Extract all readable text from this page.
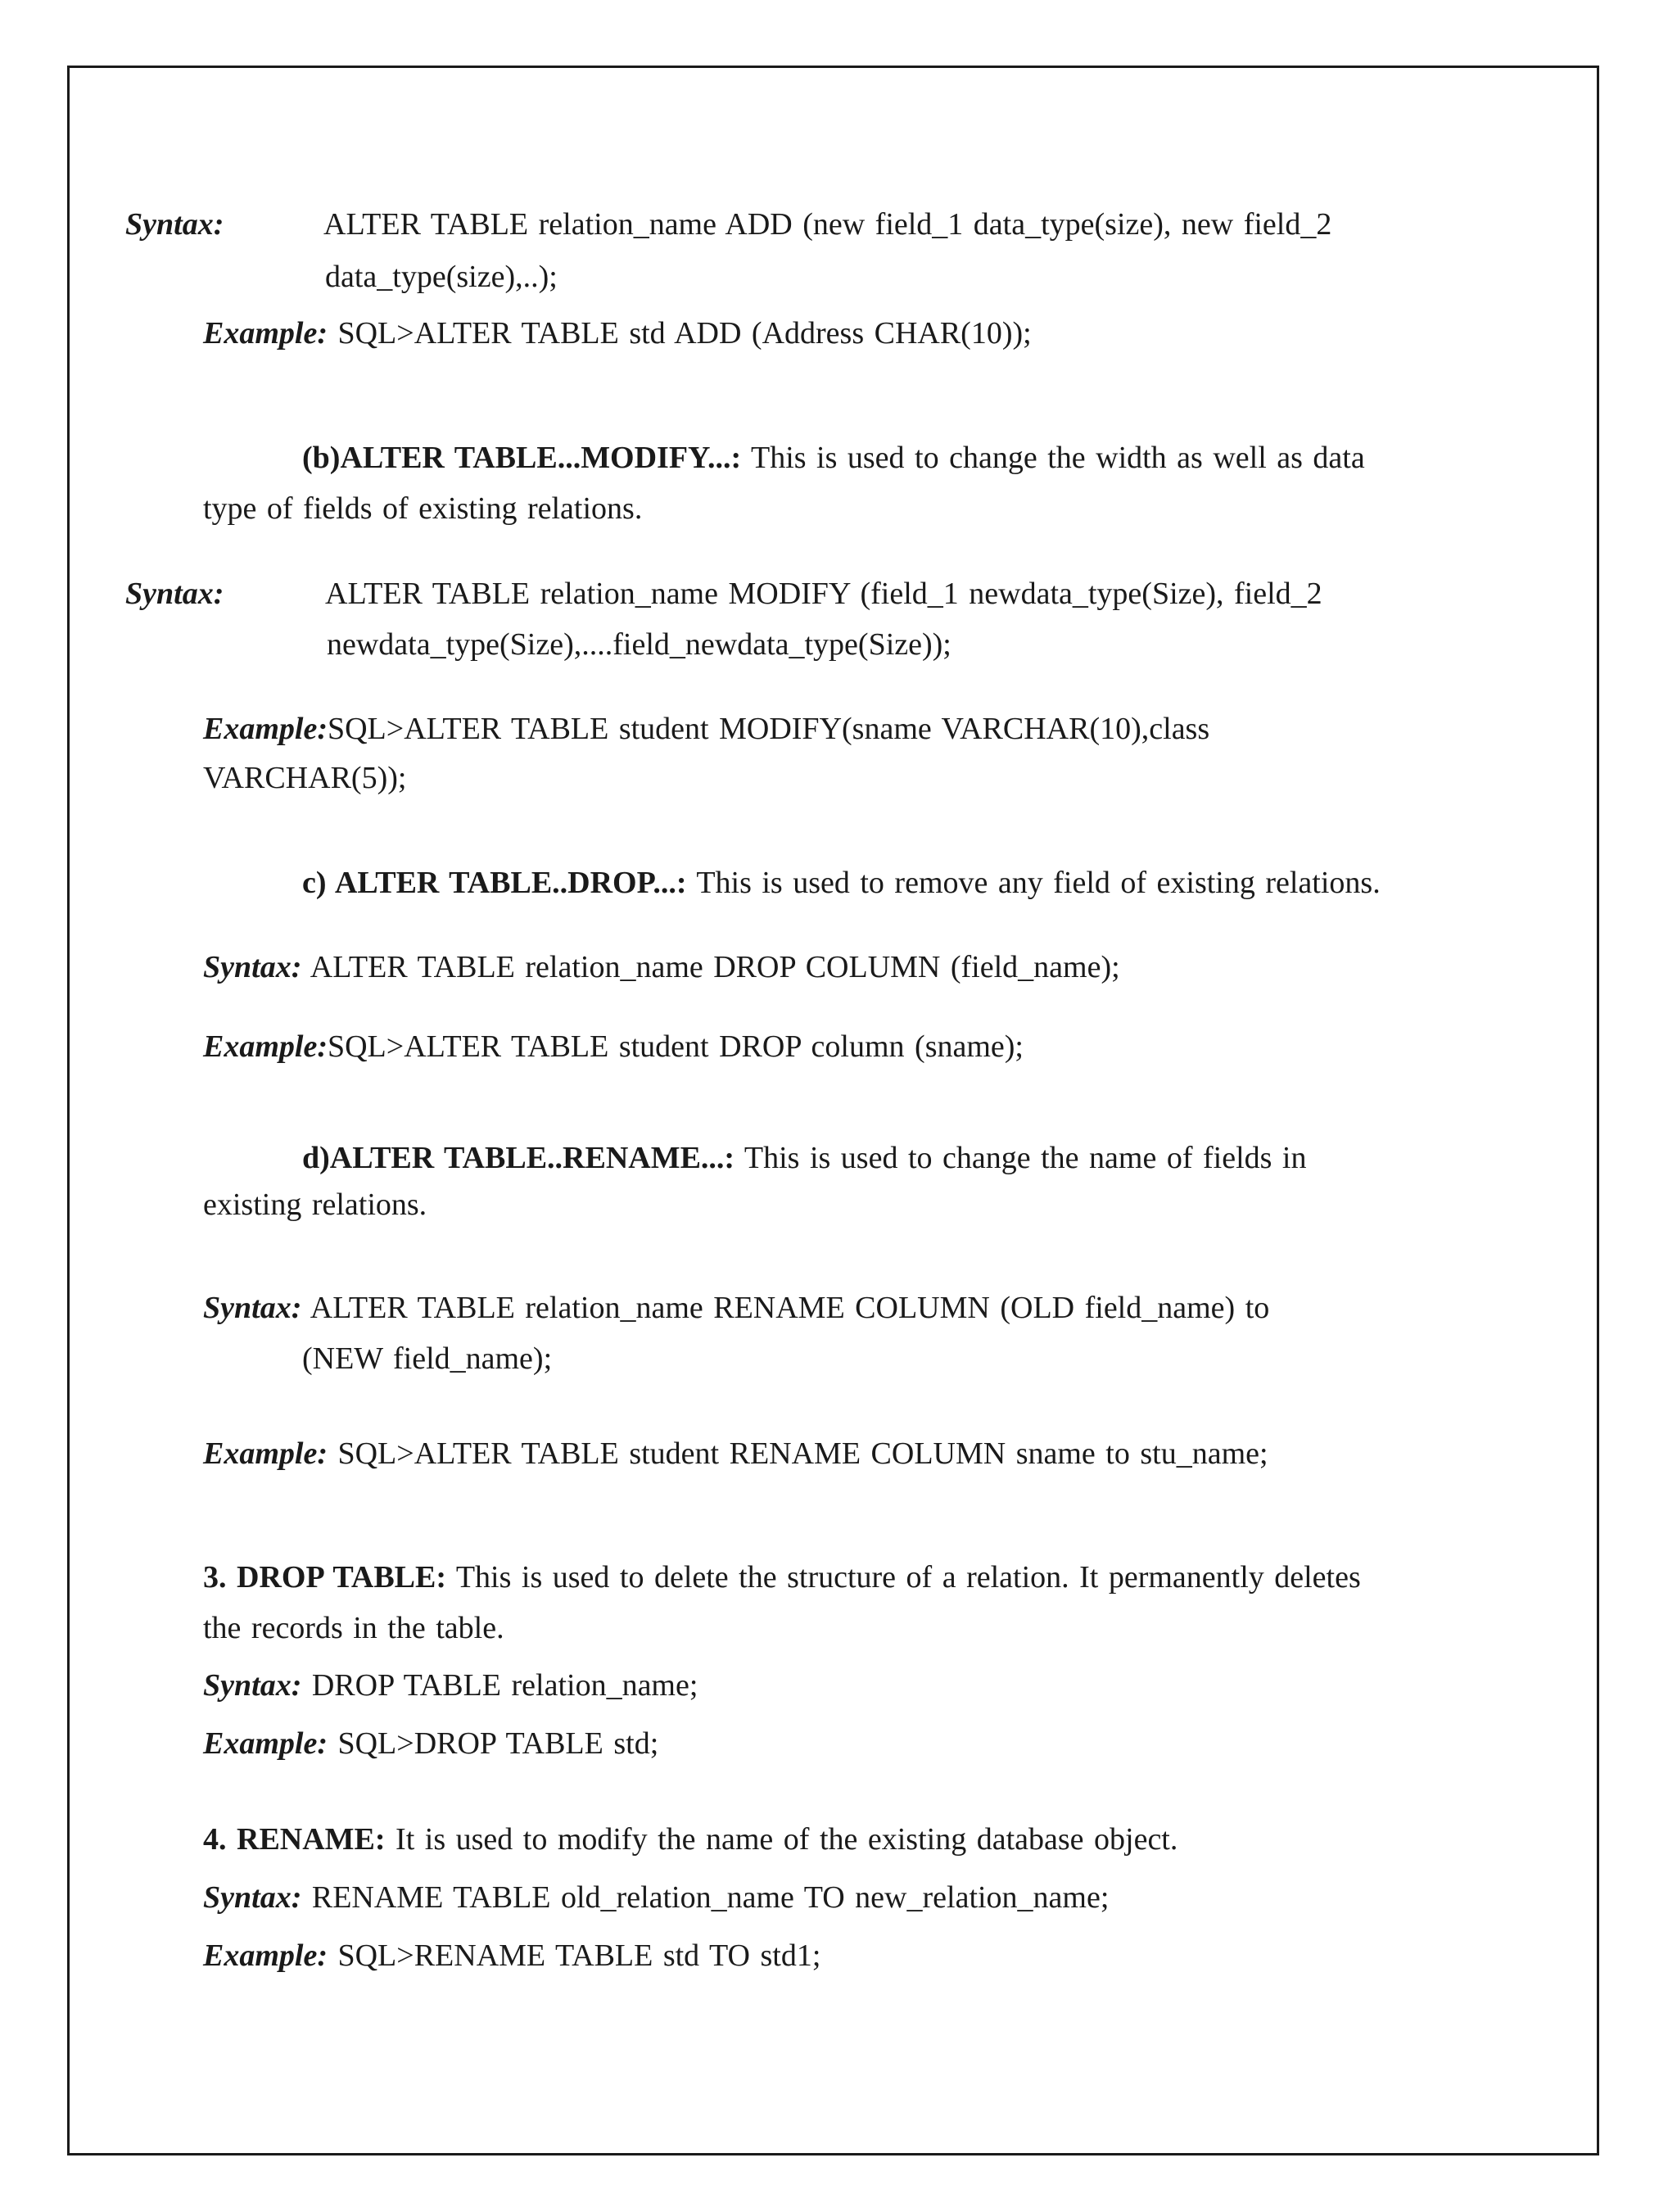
Syntax:	ALTER TABLE relation_name ADD (new field_1 data_type(size), new field_2
data_type(size),..);
Example: SQL>ALTER TABLE std ADD (Address CHAR(10));
(b)ALTER TABLE...MODIFY...: This is used to change the width as well as data
type of fields of existing relations.
Syntax:	ALTER TABLE relation_name MODIFY (field_1 newdata_type(Size), field_2
newdata_type(Size),....field_newdata_type(Size));
Example:SQL>ALTER TABLE student MODIFY(sname VARCHAR(10),class
VARCHAR(5));
c) ALTER TABLE..DROP...: This is used to remove any field of existing relations.
Syntax: ALTER TABLE relation_name DROP COLUMN (field_name);
Example:SQL>ALTER TABLE student DROP column (sname);
d)ALTER TABLE..RENAME...: This is used to change the name of fields in
existing relations.
Syntax: ALTER TABLE relation_name RENAME COLUMN (OLD field_name) to
(NEW field_name);
Example: SQL>ALTER TABLE student RENAME COLUMN sname to stu_name;
3. DROP TABLE: This is used to delete the structure of a relation. It permanently deletes
the records in the table.
Syntax: DROP TABLE relation_name;
Example: SQL>DROP TABLE std;
4. RENAME: It is used to modify the name of the existing database object.
Syntax: RENAME TABLE old_relation_name TO new_relation_name;
Example: SQL>RENAME TABLE std TO std1;
